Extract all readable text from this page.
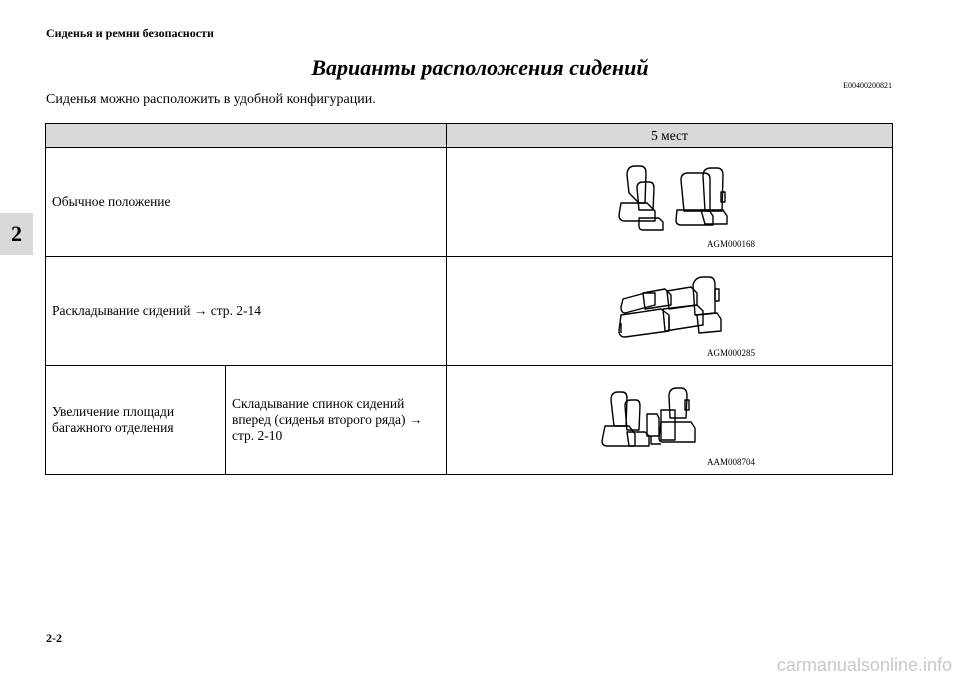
Сиденья и ремни безопасности
Варианты расположения сидений
E00400200821
Сиденья можно расположить в удобной конфигурации.
2
		5 мест
Обычное положение		AGM000168

Раскладывание сидений → стр. 2-14		AGM000285

Увеличение площади багажного отделения	Складывание спинок сидений вперед (сиденья второго ряда) → стр. 2-10	AAM008704
2-2
carmanualsonline.info
